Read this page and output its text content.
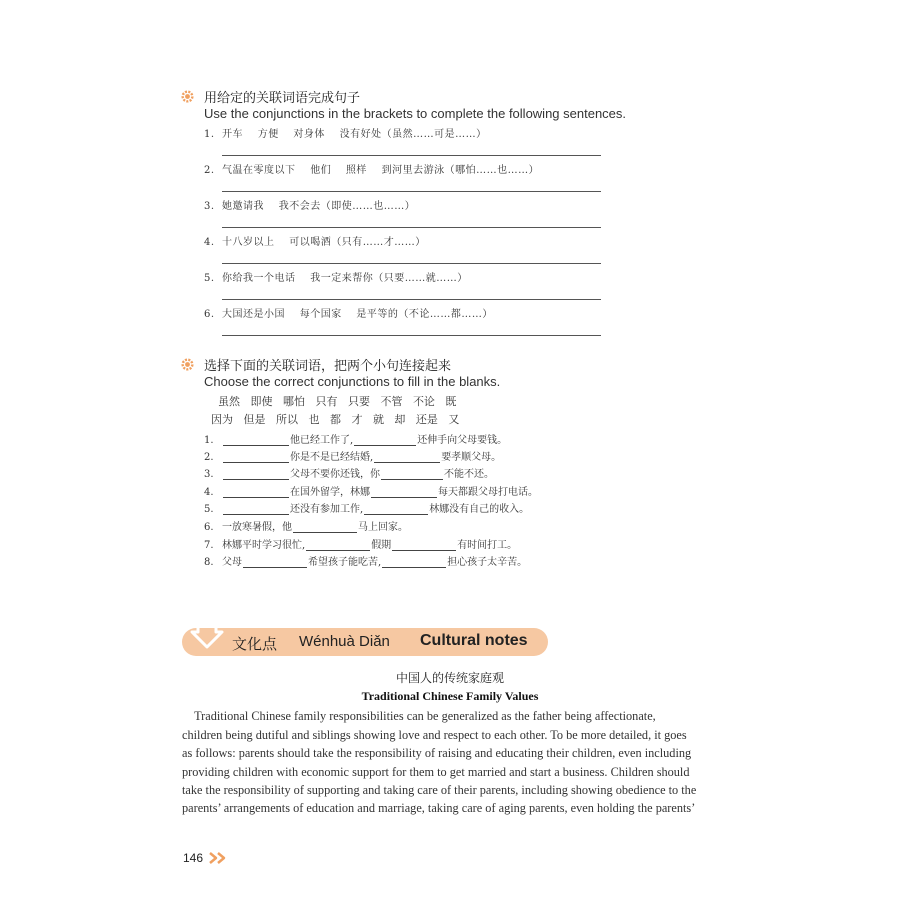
用给定的关联词语完成句子
Use the conjunctions in the brackets to complete the following sentences.
1. 开车    方便    对身体    没有好处（虽然……可是……）
2. 气温在零度以下    他们    照样    到河里去游泳（哪怕……也……）
3. 她邀请我    我不会去（即使……也……）
4. 十八岁以上    可以喝酒（只有……才……）
5. 你给我一个电话    我一定来帮你（只要……就……）
6. 大国还是小国    每个国家    是平等的（不论……都……）
选择下面的关联词语，把两个小句连接起来
Choose the correct conjunctions to fill in the blanks.
虽然   即使   哪怕   只有   只要   不管   不论   既
因为   但是   所以   也   都   才   就   却   还是   又
1.	他已经工作了,	还伸手向父母要钱。
2.	你是不是已经结婚,	要孝顺父母。
3.	父母不要你还钱，你	不能不还。
4.	在国外留学，林娜	每天都跟父母打电话。
5.	还没有参加工作,	林娜没有自己的收入。
6. 一放寒暑假，他	马上回家。
7. 林娜平时学习很忙,	假期	有时间打工。
8. 父母	希望孩子能吃苦,	担心孩子太辛苦。
文化点 Wénhuà Diǎn Cultural notes
中国人的传统家庭观
Traditional Chinese Family Values
Traditional Chinese family responsibilities can be generalized as the father being affectionate,
children being dutiful and siblings showing love and respect to each other. To be more detailed, it goes
as follows: parents should take the responsibility of raising and educating their children, even including
providing children with economic support for them to get married and start a business. Children should
take the responsibility of supporting and taking care of their parents, including showing obedience to the
parents’ arrangements of education and marriage, taking care of aging parents, even holding the parents’
146
